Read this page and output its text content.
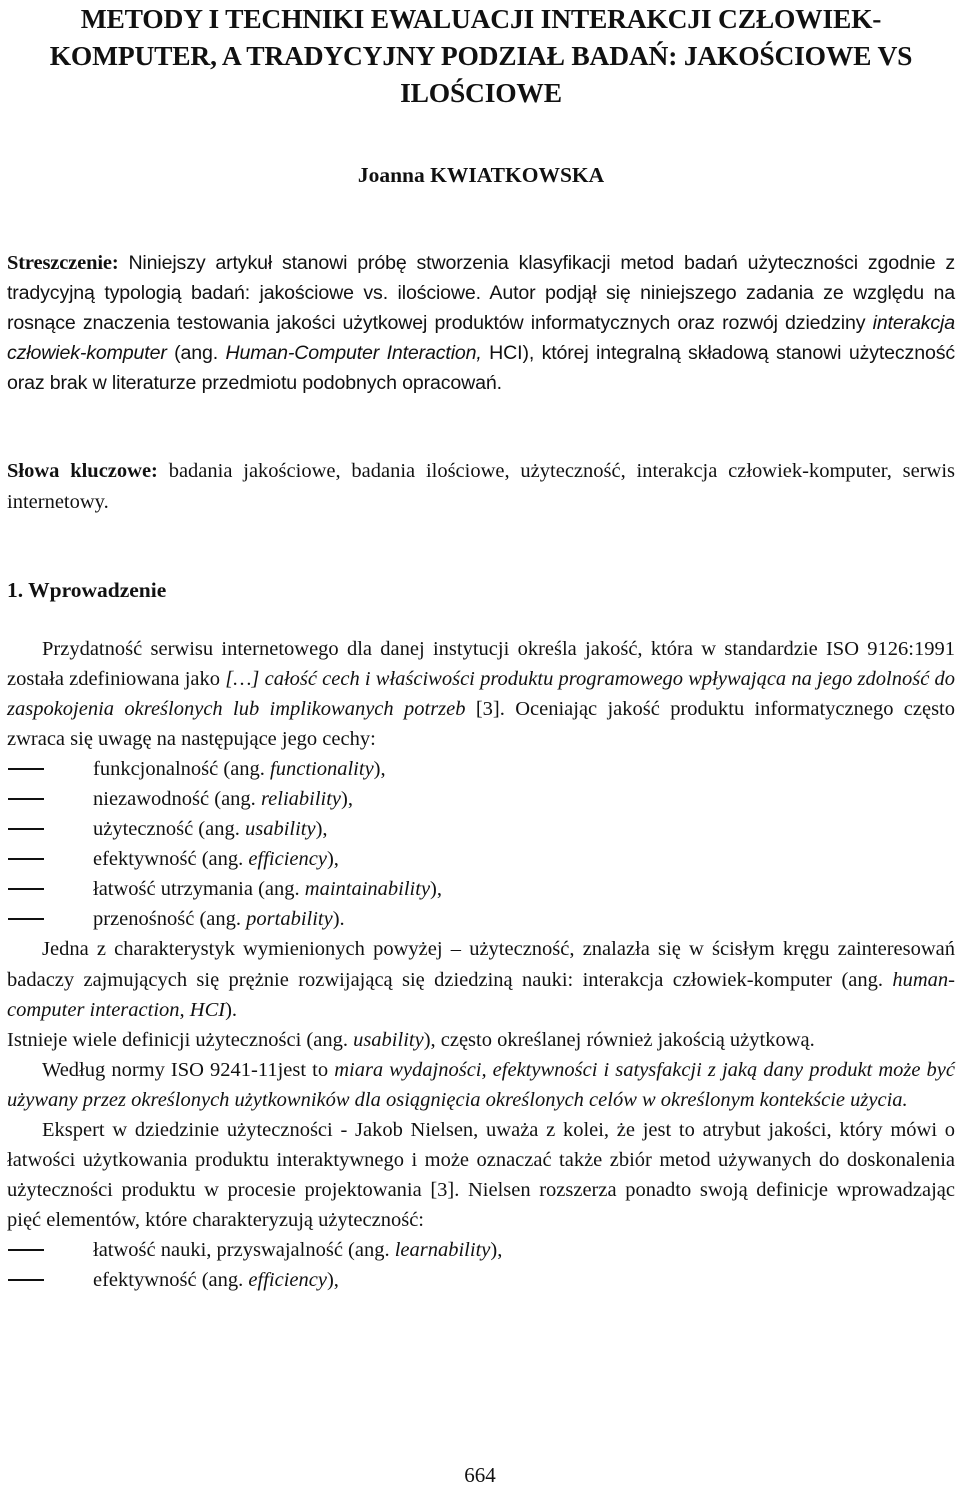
METODY I TECHNIKI EWALUACJI INTERAKCJI CZŁOWIEK-KOMPUTER, A TRADYCYJNY PODZIAŁ BADAŃ: JAKOŚCIOWE VS ILOŚCIOWE
Joanna KWIATKOWSKA

Streszczenie: Niniejszy artykuł stanowi próbę stworzenia klasyfikacji metod badań użyteczności zgodnie z tradycyjną typologią badań: jakościowe vs. ilościowe. Autor podjął się niniejszego zadania ze względu na rosnące znaczenia testowania jakości użytkowej produktów informatycznych oraz rozwój dziedziny interakcja człowiek-komputer (ang. Human-Computer Interaction, HCI), której integralną składową stanowi użyteczność oraz brak w literaturze przedmiotu podobnych opracowań.

Słowa kluczowe: badania jakościowe, badania ilościowe, użyteczność, interakcja człowiek-komputer, serwis internetowy.

1. Wprowadzenie

Przydatność serwisu internetowego dla danej instytucji określa jakość, która w standardzie ISO 9126:1991 została zdefiniowana jako […] całość cech i właściwości produktu programowego wpływająca na jego zdolność do zaspokojenia określonych lub implikowanych potrzeb [3]. Oceniając jakość produktu informatycznego często zwraca się uwagę na następujące jego cechy:

funkcjonalność (ang. functionality),
niezawodność (ang. reliability),
użyteczność (ang. usability),
efektywność (ang. efficiency),
łatwość utrzymania (ang. maintainability),
przenośność (ang. portability).

Jedna z charakterystyk wymienionych powyżej – użyteczność, znalazła się w ścisłym kręgu zainteresowań badaczy zajmujących się prężnie rozwijającą się dziedziną nauki: interakcja człowiek-komputer (ang. human-computer interaction, HCI).

Istnieje wiele definicji użyteczności (ang. usability), często określanej również jakością użytkową.

Według normy ISO 9241-11jest to miara wydajności, efektywności i satysfakcji z jaką dany produkt może być używany przez określonych użytkowników dla osiągnięcia określonych celów w określonym kontekście użycia.

Ekspert w dziedzinie użyteczności - Jakob Nielsen, uważa z kolei, że jest to atrybut jakości, który mówi o łatwości użytkowania produktu interaktywnego i może oznaczać także zbiór metod używanych do doskonalenia użyteczności produktu w procesie projektowania [3]. Nielsen rozszerza ponadto swoją definicje wprowadzając pięć elementów, które charakteryzują użyteczność:

łatwość nauki, przyswajalność (ang. learnability),
efektywność (ang. efficiency),
664
